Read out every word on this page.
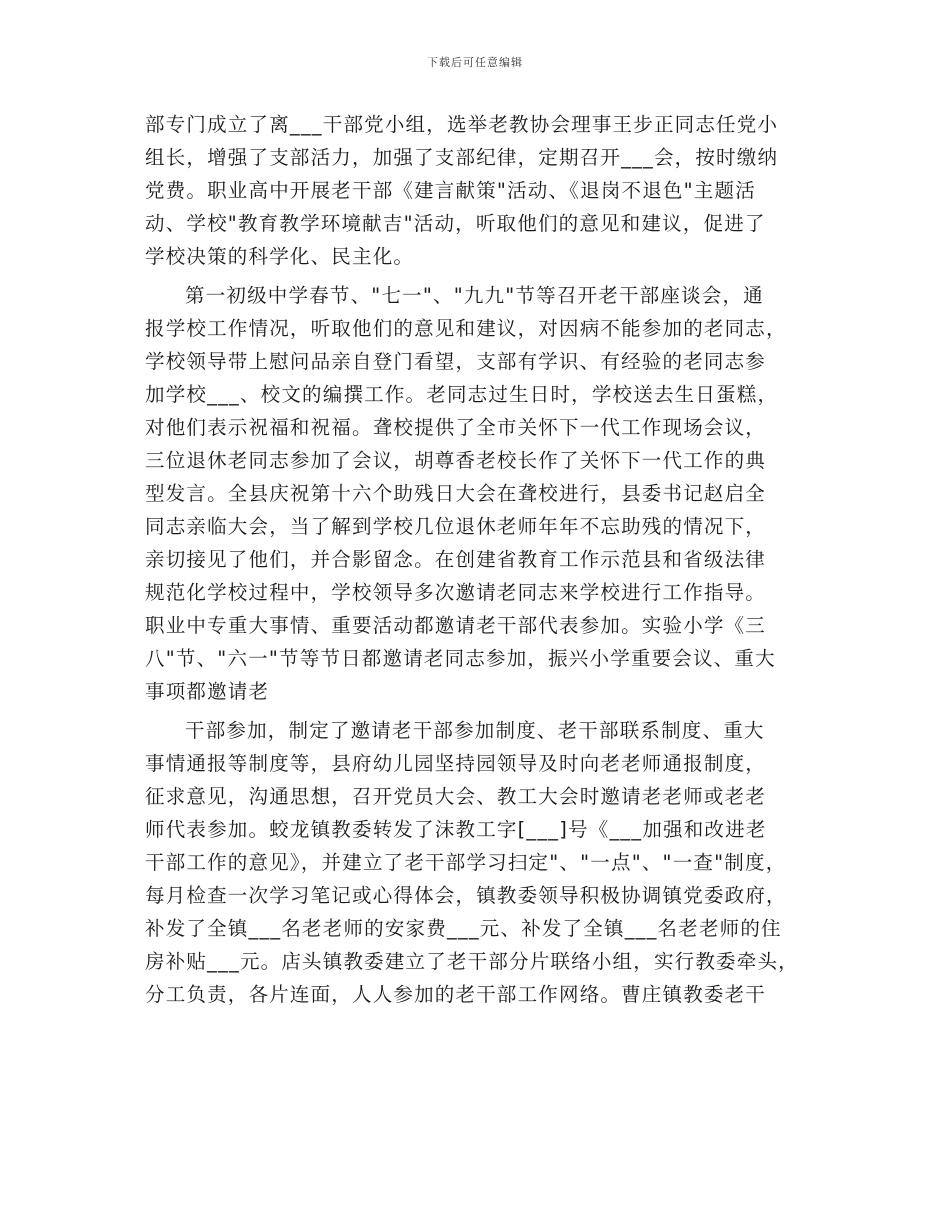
下载后可任意编辑
部专门成立了离___干部党小组，选举老教协会理事王步正同志任党小
组长，增强了支部活力，加强了支部纪律，定期召开___会，按时缴纳
党费。职业高中开展老干部《建言献策"活动、《退岗不退色"主题活
动、学校"教育教学环境献吉"活动，听取他们的意见和建议，促进了
学校决策的科学化、民主化。
第一初级中学春节、"七一"、"九九"节等召开老干部座谈会，通
报学校工作情况，听取他们的意见和建议，对因病不能参加的老同志，
学校领导带上慰问品亲自登门看望，支部有学识、有经验的老同志参
加学校___、校文的编撰工作。老同志过生日时，学校送去生日蛋糕，
对他们表示祝福和祝福。聋校提供了全市关怀下一代工作现场会议，
三位退休老同志参加了会议，胡尊香老校长作了关怀下一代工作的典
型发言。全县庆祝第十六个助残日大会在聋校进行，县委书记赵启全
同志亲临大会，当了解到学校几位退休老师年年不忘助残的情况下，
亲切接见了他们，并合影留念。在创建省教育工作示范县和省级法律
规范化学校过程中，学校领导多次邀请老同志来学校进行工作指导。
职业中专重大事情、重要活动都邀请老干部代表参加。实验小学《三
八"节、"六一"节等节日都邀请老同志参加，振兴小学重要会议、重大
事项都邀请老
干部参加，制定了邀请老干部参加制度、老干部联系制度、重大
事情通报等制度等，县府幼儿园坚持园领导及时向老老师通报制度，
征求意见，沟通思想，召开党员大会、教工大会时邀请老老师或老老
师代表参加。蛟龙镇教委转发了沫教工字[___]号《___加强和改进老
干部工作的意见》，并建立了老干部学习扫定"、"一点"、"一查"制度，
每月检查一次学习笔记或心得体会，镇教委领导积极协调镇党委政府，
补发了全镇___名老老师的安家费___元、补发了全镇___名老老师的住
房补贴___元。店头镇教委建立了老干部分片联络小组，实行教委牵头，
分工负责，各片连面，人人参加的老干部工作网络。曹庄镇教委老干
